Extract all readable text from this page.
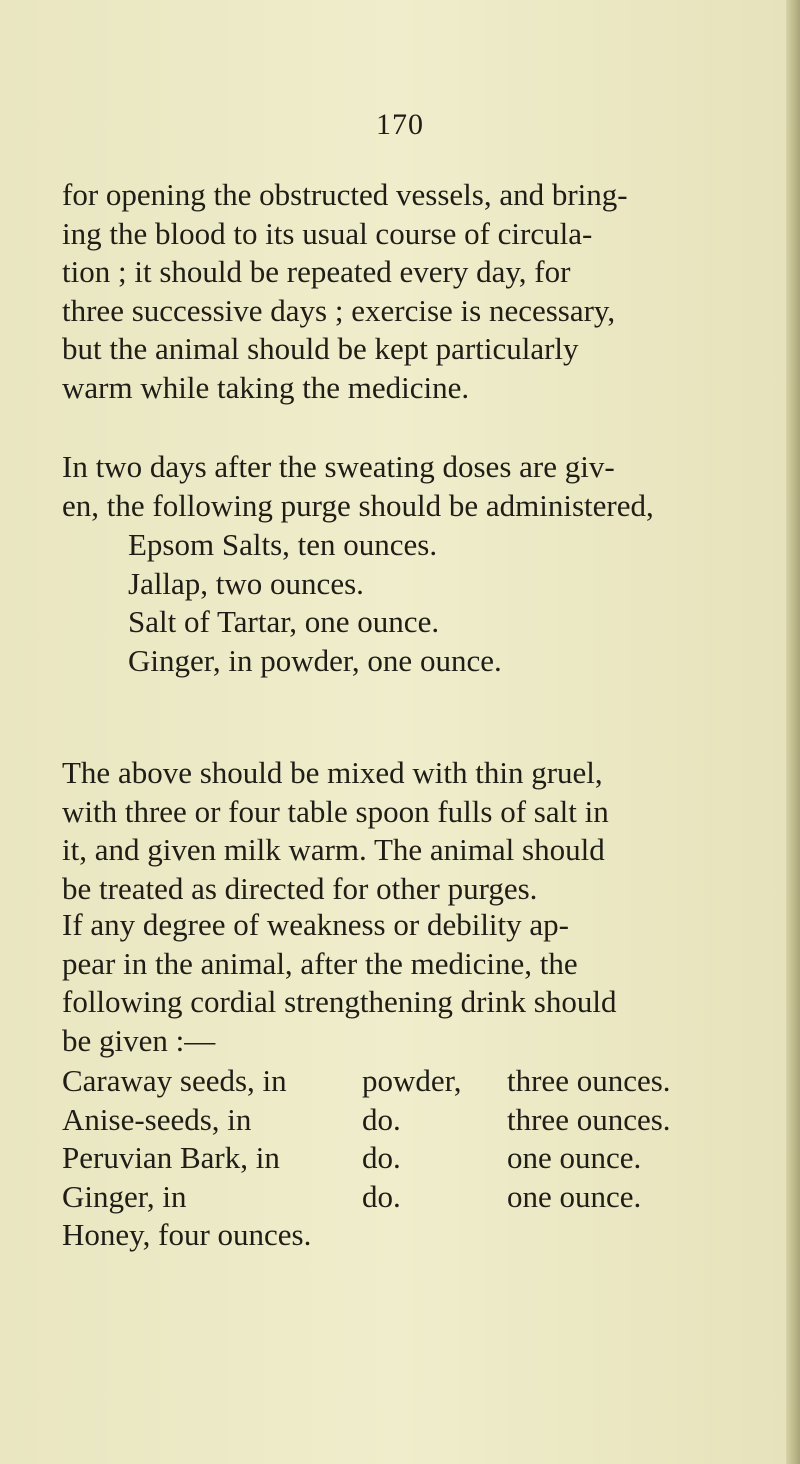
170

for opening the obstructed vessels, and bring-
ing the blood to its usual course of circula-
tion ; it should be repeated every day, for
three successive days ; exercise is necessary,
but the animal should be kept particularly
warm while taking the medicine.

In two days after the sweating doses are giv-
en, the following purge should be administered,

Epsom Salts, ten ounces.
Jallap, two ounces.
Salt of Tartar, one ounce.
Ginger, in powder, one ounce.

The above should be mixed with thin gruel,
with three or four table spoon fulls of salt in
it, and given milk warm. The animal should
be treated as directed for other purges.

If any degree of weakness or debility ap-
pear in the animal, after the medicine, the
following cordial strengthening drink should
be given :—

Caraway seeds, in	powder,	three ounces.
Anise-seeds, in	do.	three ounces.
Peruvian Bark, in	do.	one ounce.
Ginger, in	do.	one ounce.
Honey, four ounces.
